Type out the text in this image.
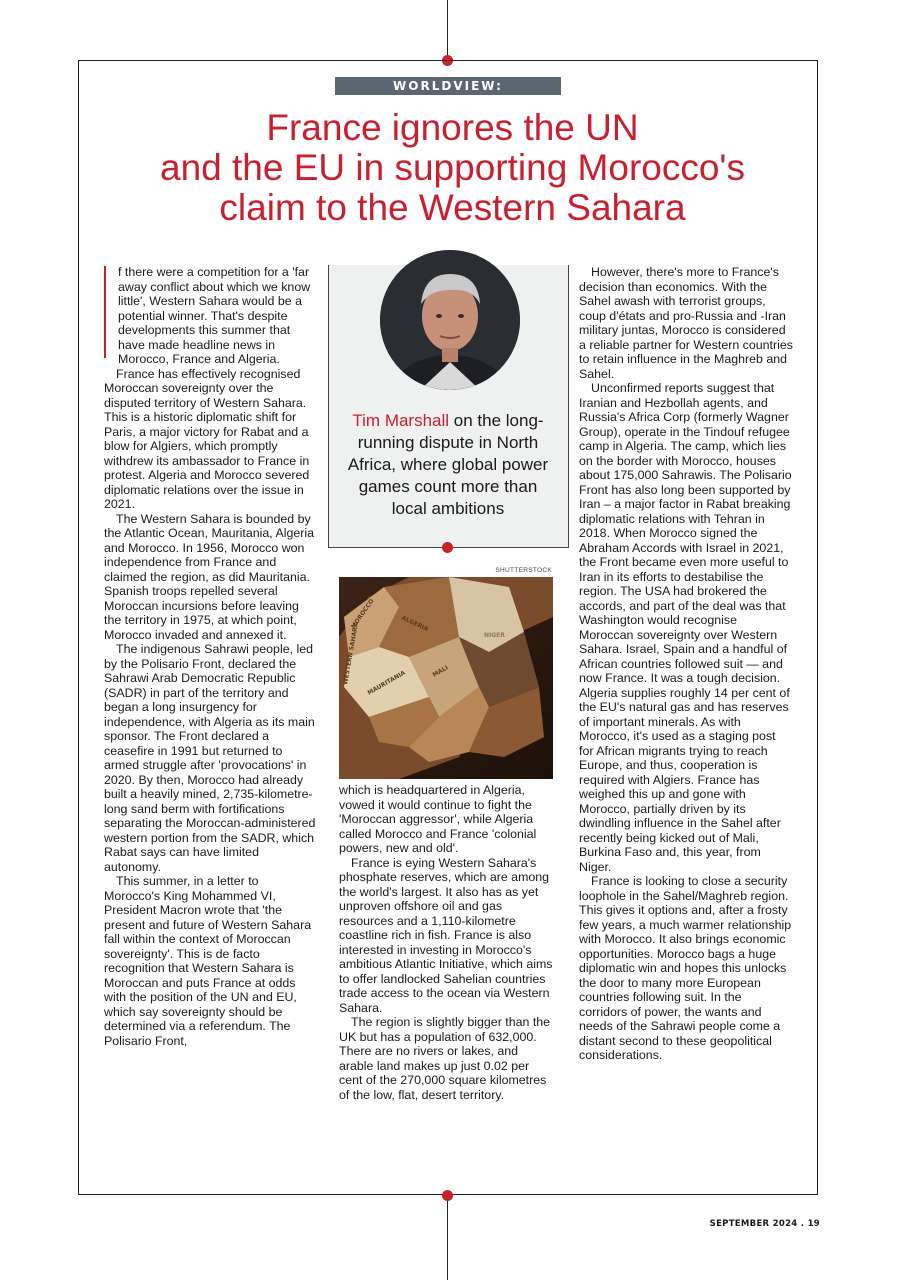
WORLDVIEW: GEOPOLITICS
France ignores the UN
and the EU in supporting Morocco's
claim to the Western Sahara

f there were a competition for a 'far away conflict about which we know little', Western Sahara would be a potential winner. That's despite developments this summer that have made headline news in Morocco, France and Algeria.

France has effectively recognised Moroccan sovereignty over the disputed territory of Western Sahara. This is a historic diplomatic shift for Paris, a major victory for Rabat and a blow for Algiers, which promptly withdrew its ambassador to France in protest. Algeria and Morocco severed diplomatic relations over the issue in 2021.

The Western Sahara is bounded by the Atlantic Ocean, Mauritania, Algeria and Morocco. In 1956, Morocco won independence from France and claimed the region, as did Mauritania. Spanish troops repelled several Moroccan incursions before leaving the territory in 1975, at which point, Morocco invaded and annexed it.

The indigenous Sahrawi people, led by the Polisario Front, declared the Sahrawi Arab Democratic Republic (SADR) in part of the territory and began a long insurgency for independence, with Algeria as its main sponsor. The Front declared a ceasefire in 1991 but returned to armed struggle after 'provocations' in 2020. By then, Morocco had already built a heavily mined, 2,735-kilometre-long sand berm with fortifications separating the Moroccan-administered western portion from the SADR, which Rabat says can have limited autonomy.

This summer, in a letter to Morocco's King Mohammed VI, President Macron wrote that 'the present and future of Western Sahara fall within the context of Moroccan sovereignty'. This is de facto recognition that Western Sahara is Moroccan and puts France at odds with the position of the UN and EU, which say sovereignty should be determined via a referendum. The Polisario Front,

Tim Marshall on the long-running dispute in North Africa, where global power games count more than local ambitions
SHUTTERSTOCK
MOROCCO	ALGERIA
WESTERN SAHARA MAURITANIA	MALI
NIGER

which is headquartered in Algeria, vowed it would continue to fight the 'Moroccan aggressor', while Algeria called Morocco and France 'colonial powers, new and old'.

France is eying Western Sahara's phosphate reserves, which are among the world's largest. It also has as yet unproven offshore oil and gas resources and a 1,110-kilometre coastline rich in fish. France is also interested in investing in Morocco's ambitious Atlantic Initiative, which aims to offer landlocked Sahelian countries trade access to the ocean via Western Sahara.

The region is slightly bigger than the UK but has a population of 632,000. There are no rivers or lakes, and arable land makes up just 0.02 per cent of the 270,000 square kilometres of the low, flat, desert territory.

However, there's more to France's decision than economics. With the Sahel awash with terrorist groups, coup d'états and pro-Russia and -Iran military juntas, Morocco is considered a reliable partner for Western countries to retain influence in the Maghreb and Sahel.

Unconfirmed reports suggest that Iranian and Hezbollah agents, and Russia's Africa Corp (formerly Wagner Group), operate in the Tindouf refugee camp in Algeria. The camp, which lies on the border with Morocco, houses about 175,000 Sahrawis. The Polisario Front has also long been supported by Iran – a major factor in Rabat breaking diplomatic relations with Tehran in 2018. When Morocco signed the Abraham Accords with Israel in 2021, the Front became even more useful to Iran in its efforts to destabilise the region. The USA had brokered the accords, and part of the deal was that Washington would recognise Moroccan sovereignty over Western Sahara. Israel, Spain and a handful of African countries followed suit — and now France. It was a tough decision. Algeria supplies roughly 14 per cent of the EU's natural gas and has reserves of important minerals. As with Morocco, it's used as a staging post for African migrants trying to reach Europe, and thus, cooperation is required with Algiers. France has weighed this up and gone with Morocco, partially driven by its dwindling influence in the Sahel after recently being kicked out of Mali, Burkina Faso and, this year, from Niger.

France is looking to close a security loophole in the Sahel/Maghreb region. This gives it options and, after a frosty few years, a much warmer relationship with Morocco. It also brings economic opportunities. Morocco bags a huge diplomatic win and hopes this unlocks the door to many more European countries following suit. In the corridors of power, the wants and needs of the Sahrawi people come a distant second to these geopolitical considerations.

SEPTEMBER 2024 . 19
